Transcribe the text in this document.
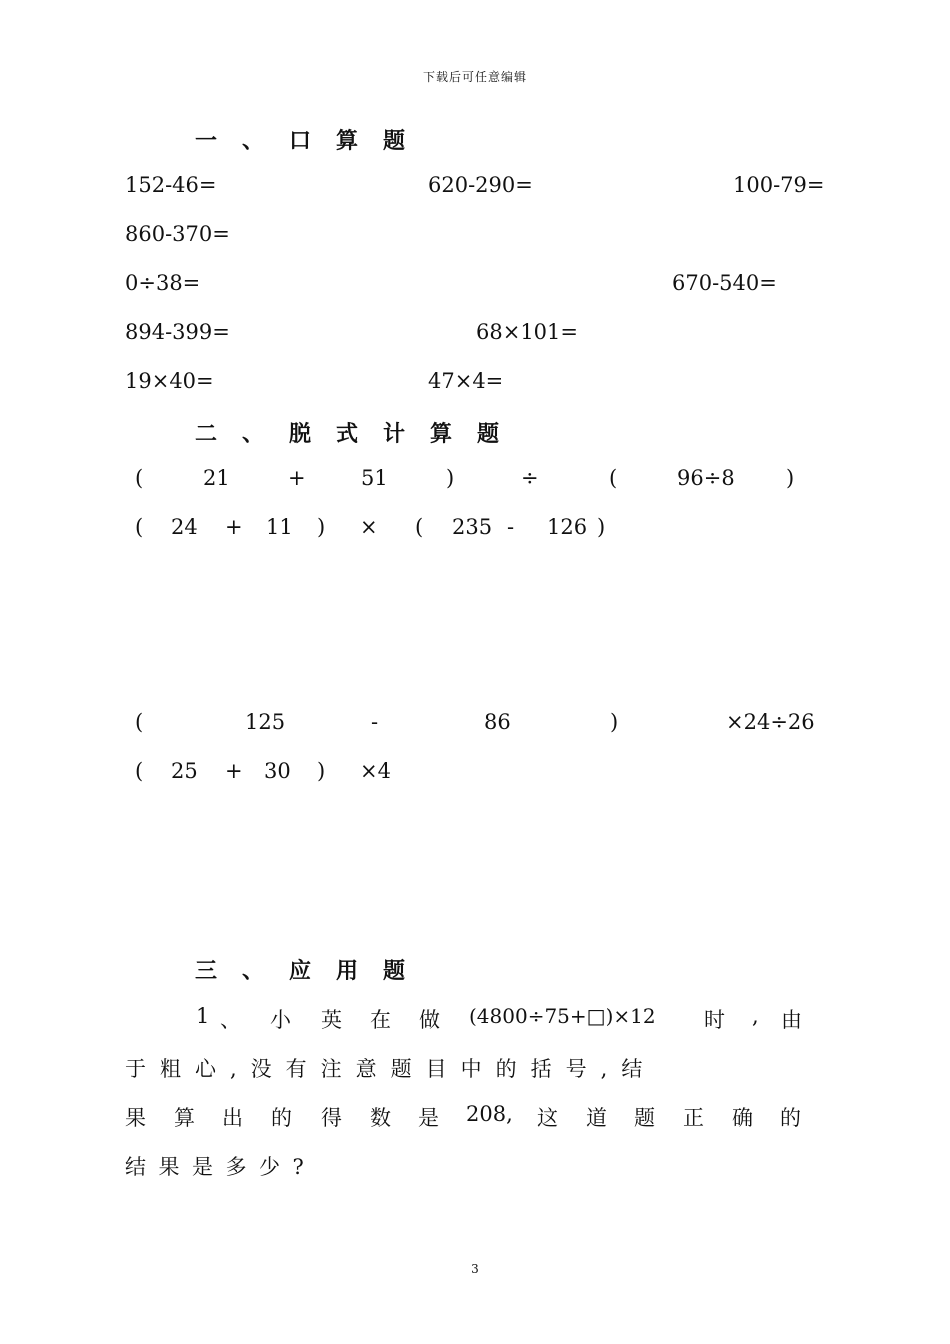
下载后可任意编辑
一 、 口 算 题
152-46=	620-290=	100-79=
860-370=
0÷38=	670-540=
894-399=	68×101=
19×40=	47×4=
二 、 脱 式 计 算 题
(	21	+	51	)	÷	(	96÷8 )
( 24 + 11 ) × ( 235 - 126 )
(	125	-	86	)	×24÷26
( 25 + 30 ) ×4
三 、 应 用 题
1 、 小 英 在 做 (4800÷75+□)×12 时 , 由
于粗心,没有注意题目中的括号,结
果 算 出 的 得 数 是 208, 这 道 题 正 确 的
结果是多少?
3
